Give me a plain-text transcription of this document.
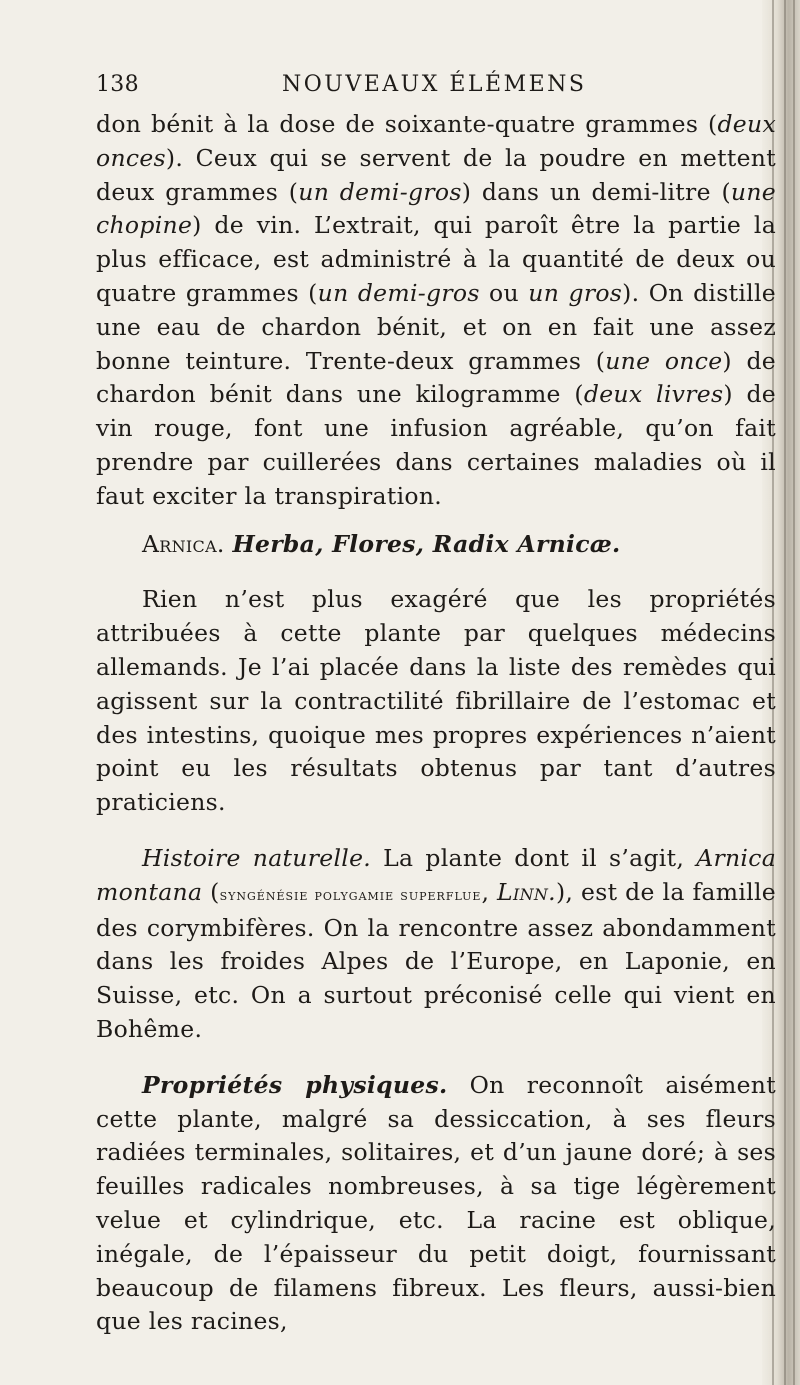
138	NOUVEAUX ÉLÉMENS

don bénit à la dose de soixante-quatre grammes (deux onces). Ceux qui se servent de la poudre en mettent deux grammes (un demi-gros) dans un demi-litre (une chopine) de vin. L’extrait, qui paroît être la partie la plus efficace, est administré à la quantité de deux ou quatre grammes (un demi-gros ou un gros). On distille une eau de chardon bénit, et on en fait une assez bonne teinture. Trente-deux grammes (une once) de chardon bénit dans une kilogramme (deux livres) de vin rouge, font une infusion agréable, qu’on fait prendre par cuillerées dans certaines maladies où il faut exciter la transpiration.

Arnica. Herba, Flores, Radix Arnicæ.

Rien n’est plus exagéré que les propriétés attribuées à cette plante par quelques médecins allemands. Je l’ai placée dans la liste des remèdes qui agissent sur la contractilité fibrillaire de l’estomac et des intestins, quoique mes propres expériences n’aient point eu les résultats obtenus par tant d’autres praticiens.

Histoire naturelle. La plante dont il s’agit, Arnica montana (syngénésie polygamie superflue, Linn.), est de la famille des corymbifères. On la rencontre assez abondamment dans les froides Alpes de l’Europe, en Laponie, en Suisse, etc. On a surtout préconisé celle qui vient en Bohême.

Propriétés physiques. On reconnoît aisément cette plante, malgré sa dessiccation, à ses fleurs radiées terminales, solitaires, et d’un jaune doré; à ses feuilles radicales nombreuses, à sa tige légèrement velue et cylindrique, etc. La racine est oblique, inégale, de l’épaisseur du petit doigt, fournissant beaucoup de filamens fibreux. Les fleurs, aussi-bien que les racines,
